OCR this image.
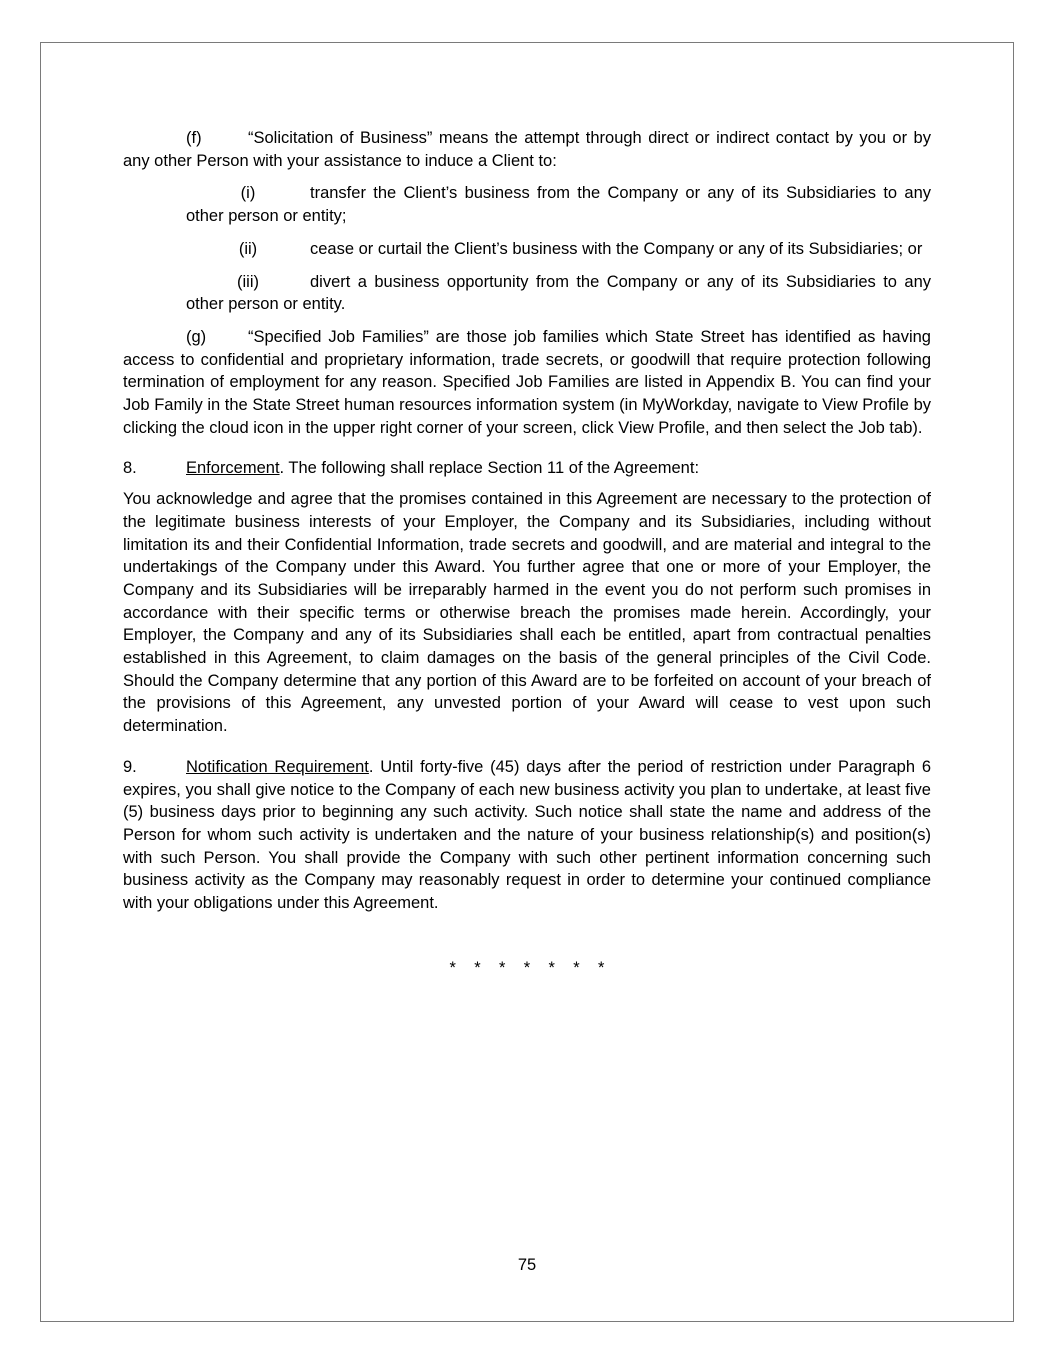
(f)	“Solicitation of Business” means the attempt through direct or indirect contact by you or by any other Person with your assistance to induce a Client to:

(i)	transfer the Client’s business from the Company or any of its Subsidiaries to any other person or entity;

(ii)	cease or curtail the Client’s business with the Company or any of its Subsidiaries; or

(iii)	divert a business opportunity from the Company or any of its Subsidiaries to any other person or entity.

(g)	“Specified Job Families” are those job families which State Street has identified as having access to confidential and proprietary information, trade secrets, or goodwill that require protection following termination of employment for any reason. Specified Job Families are listed in Appendix B. You can find your Job Family in the State Street human resources information system (in MyWorkday, navigate to View Profile by clicking the cloud icon in the upper right corner of your screen, click View Profile, and then select the Job tab).

8.	Enforcement. The following shall replace Section 11 of the Agreement:

You acknowledge and agree that the promises contained in this Agreement are necessary to the protection of the legitimate business interests of your Employer, the Company and its Subsidiaries, including without limitation its and their Confidential Information, trade secrets and goodwill, and are material and integral to the undertakings of the Company under this Award. You further agree that one or more of your Employer, the Company and its Subsidiaries will be irreparably harmed in the event you do not perform such promises in accordance with their specific terms or otherwise breach the promises made herein. Accordingly, your Employer, the Company and any of its Subsidiaries shall each be entitled, apart from contractual penalties established in this Agreement, to claim damages on the basis of the general principles of the Civil Code. Should the Company determine that any portion of this Award are to be forfeited on account of your breach of the provisions of this Agreement, any unvested portion of your Award will cease to vest upon such determination.

9.	Notification Requirement. Until forty-five (45) days after the period of restriction under Paragraph 6 expires, you shall give notice to the Company of each new business activity you plan to undertake, at least five (5) business days prior to beginning any such activity. Such notice shall state the name and address of the Person for whom such activity is undertaken and the nature of your business relationship(s) and position(s) with such Person. You shall provide the Company with such other pertinent information concerning such business activity as the Company may reasonably request in order to determine your continued compliance with your obligations under this Agreement.

*    *    *    *    *    *    *
75
